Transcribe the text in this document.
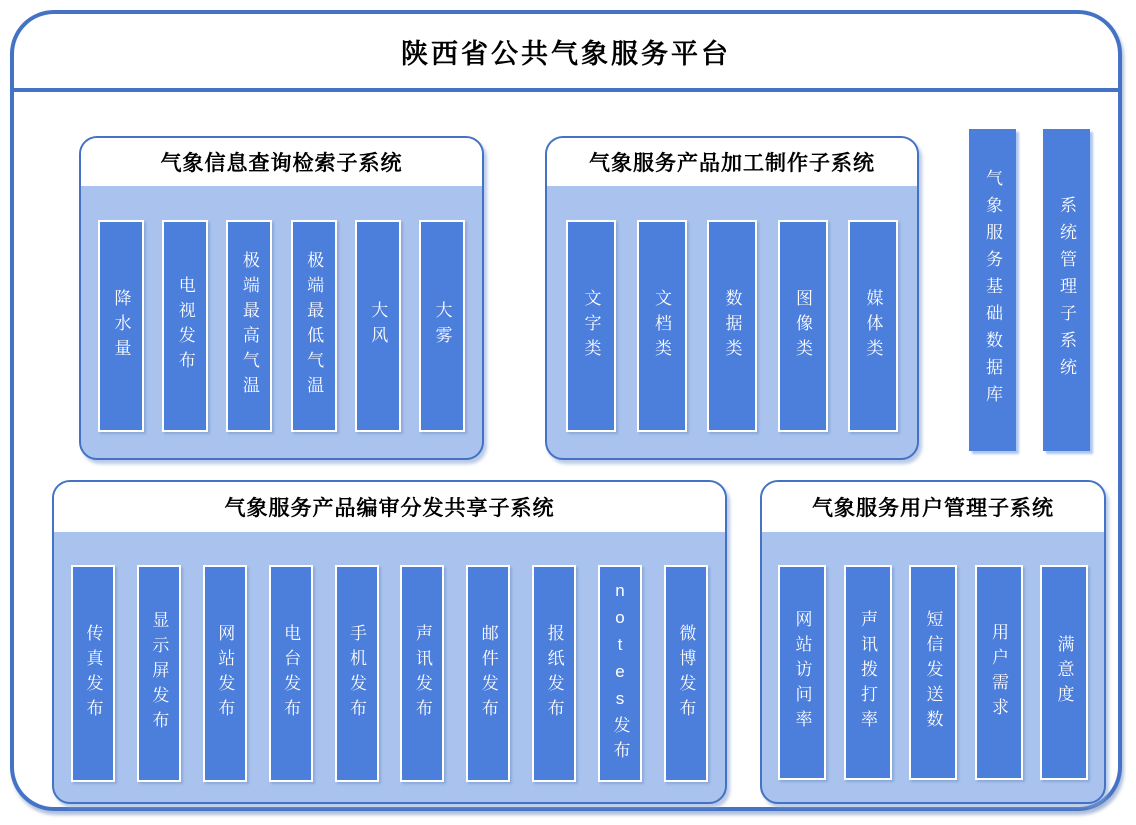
陕西省公共气象服务平台
气象信息查询检索子系统
降水量	电视发布	极端最高气温	极端最低气温	大风	大雾
气象服务产品加工制作子系统
文字类	文档类	数据类	图像类	媒体类	气象服务基础数据库	系统管理子系统
气象服务产品编审分发共享子系统
传真发布	显示屏发布	网站发布	电台发布	手机发布	声讯发布	邮件发布	报纸发布	notes发布	微博发布
气象服务用户管理子系统
网站访问率	声讯拨打率	短信发送数	用户需求	满意度
